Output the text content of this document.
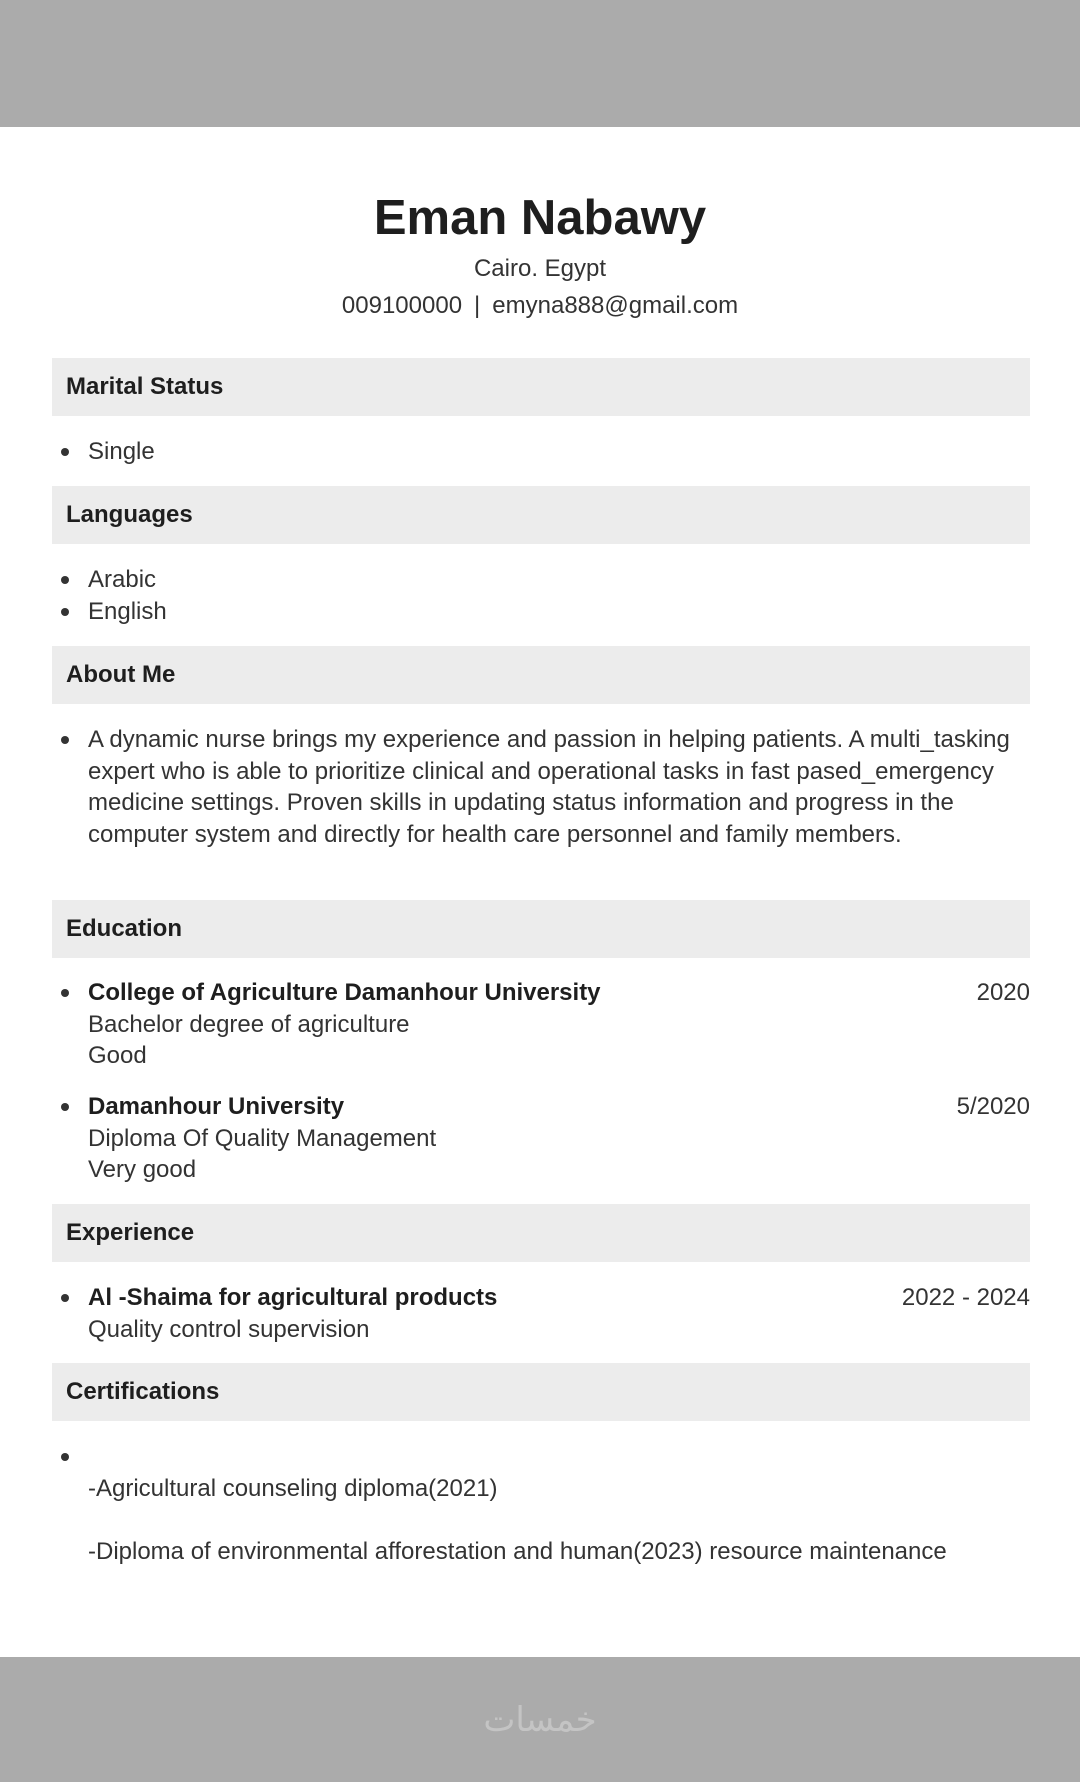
Eman Nabawy
Cairo. Egypt
009100000 | emyna888@gmail.com
Marital Status
Single
Languages
Arabic
English
About Me
A dynamic nurse brings my experience and passion in helping patients. A multi_tasking expert who is able to prioritize clinical and operational tasks in fast pased_emergency medicine settings. Proven skills in updating status information and progress in the computer system and directly for health care personnel and family members.
Education
College of Agriculture Damanhour University	2020
Bachelor degree of agriculture
Good
Damanhour University	5/2020
Diploma Of Quality Management
Very good
Experience
Al -Shaima for agricultural products	2022 - 2024
Quality control supervision
Certifications

-Agricultural counseling diploma(2021)

-Diploma of environmental afforestation and human(2023) resource maintenance

خمسات
